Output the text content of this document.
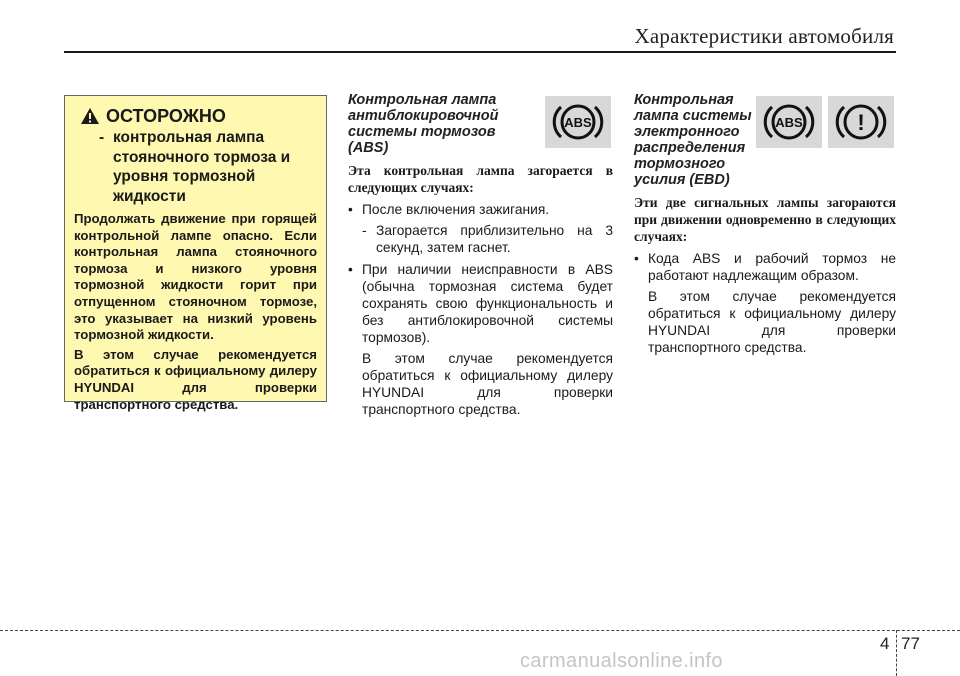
Характеристики автомобиля
ОСТОРОЖНО
- контрольная лампа стояночного тормоза и уровня тормозной жидкости

Продолжать движение при горящей контрольной лампе опасно. Если контрольная лампа стояночного тормоза и низкого уровня тормозной жидкости горит при отпущенном стояночном тормозе, это указывает на низкий уровень тормозной жидкости.

В этом случае рекомендуется обратиться к официальному дилеру HYUNDAI для проверки транспортного средства.

ABS
Контрольная лампа антиблокировочной системы тормозов (ABS)

Эта контрольная лампа загорается в следующих случаях:

• После включения зажигания.
- Загорается приблизительно на 3 секунд, затем гаснет.
• При наличии неисправности в ABS (обычна тормозная система будет сохранять свою функциональность и без антиблокировочной системы тормозов).
В этом случае рекомендуется обратиться к официальному дилеру
HYUNDAI для проверки
транспортного средства.
ABS !
Контрольная лампа системы электронного распределения тормозного усилия (EBD)

Эти две сигнальных лампы загораются при движении одновременно в следующих случаях:

• Кода ABS и рабочий тормоз не работают надлежащим образом.
В этом случае рекомендуется обратиться к официальному дилеру
HYUNDAI для проверки
транспортного средства.
4 77
carmanualsonline.info
